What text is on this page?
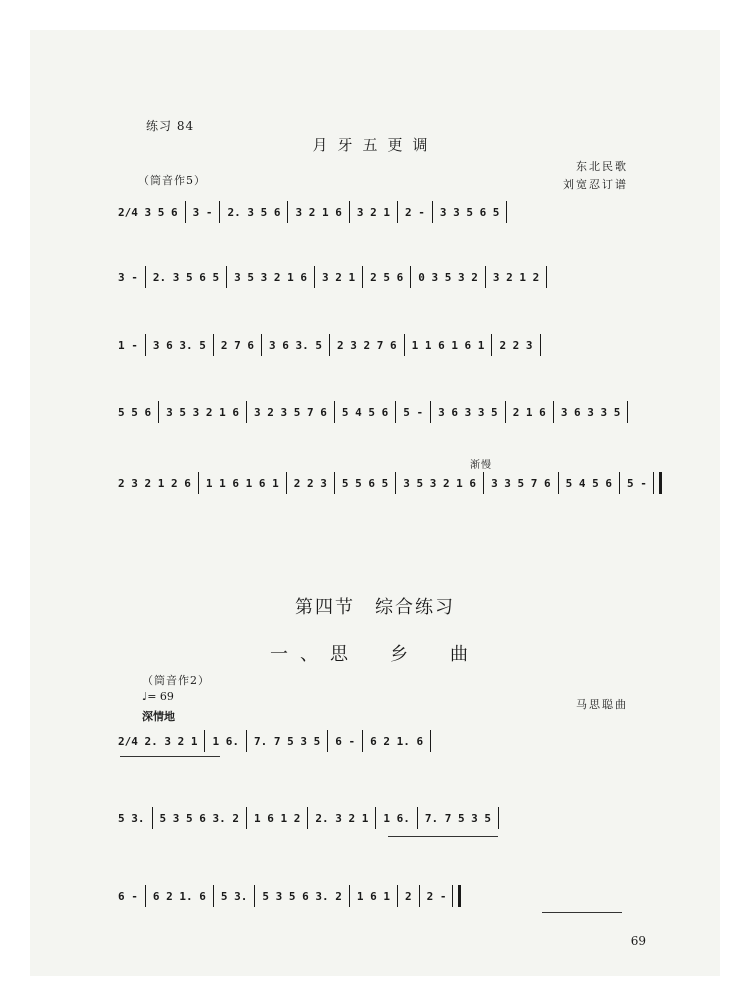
练习 84
月牙五更调
东北民歌
刘宽忍订谱
（筒音作5）
2/4 3 5 6 3 - 2. 3 5 6 3 2 1 6 3 2 1 2 - 3 3 5 6 5
3 - 2. 3 5 6 5 3 5 3 2 1 6 3 2 1 2 5 6 0 3 5 3 2 3 2 1 2
1 - 3 6 3. 5 2 7 6 3 6 3. 5 2 3 2 7 6 1 1 6 1 6 1 2 2 3
5 5 6 3 5 3 2 1 6 3 2 3 5 7 6 5 4 5 6 5 - 3 6 3 3 5 2 1 6 3 6 3 3 5
渐慢
2 3 2 1 2 6 1 1 6 1 6 1 2 2 3 5 5 6 5 3 5 3 2 1 6 3 3 5 7 6 5 4 5 6 5 -
第四节　综合练习
一、思　乡　曲
（筒音作2）
♩= 69
深情地
马思聪曲
2/4 2. 3 2 1 1 6. 7. 7 5 3 5 6 - 6 2 1. 6
5 3. 5 3 5 6 3. 2 1 6 1 2 2. 3 2 1 1 6. 7. 7 5 3 5
6 - 6 2 1. 6 5 3. 5 3 5 6 3. 2 1 6 1 2 2 -
69
